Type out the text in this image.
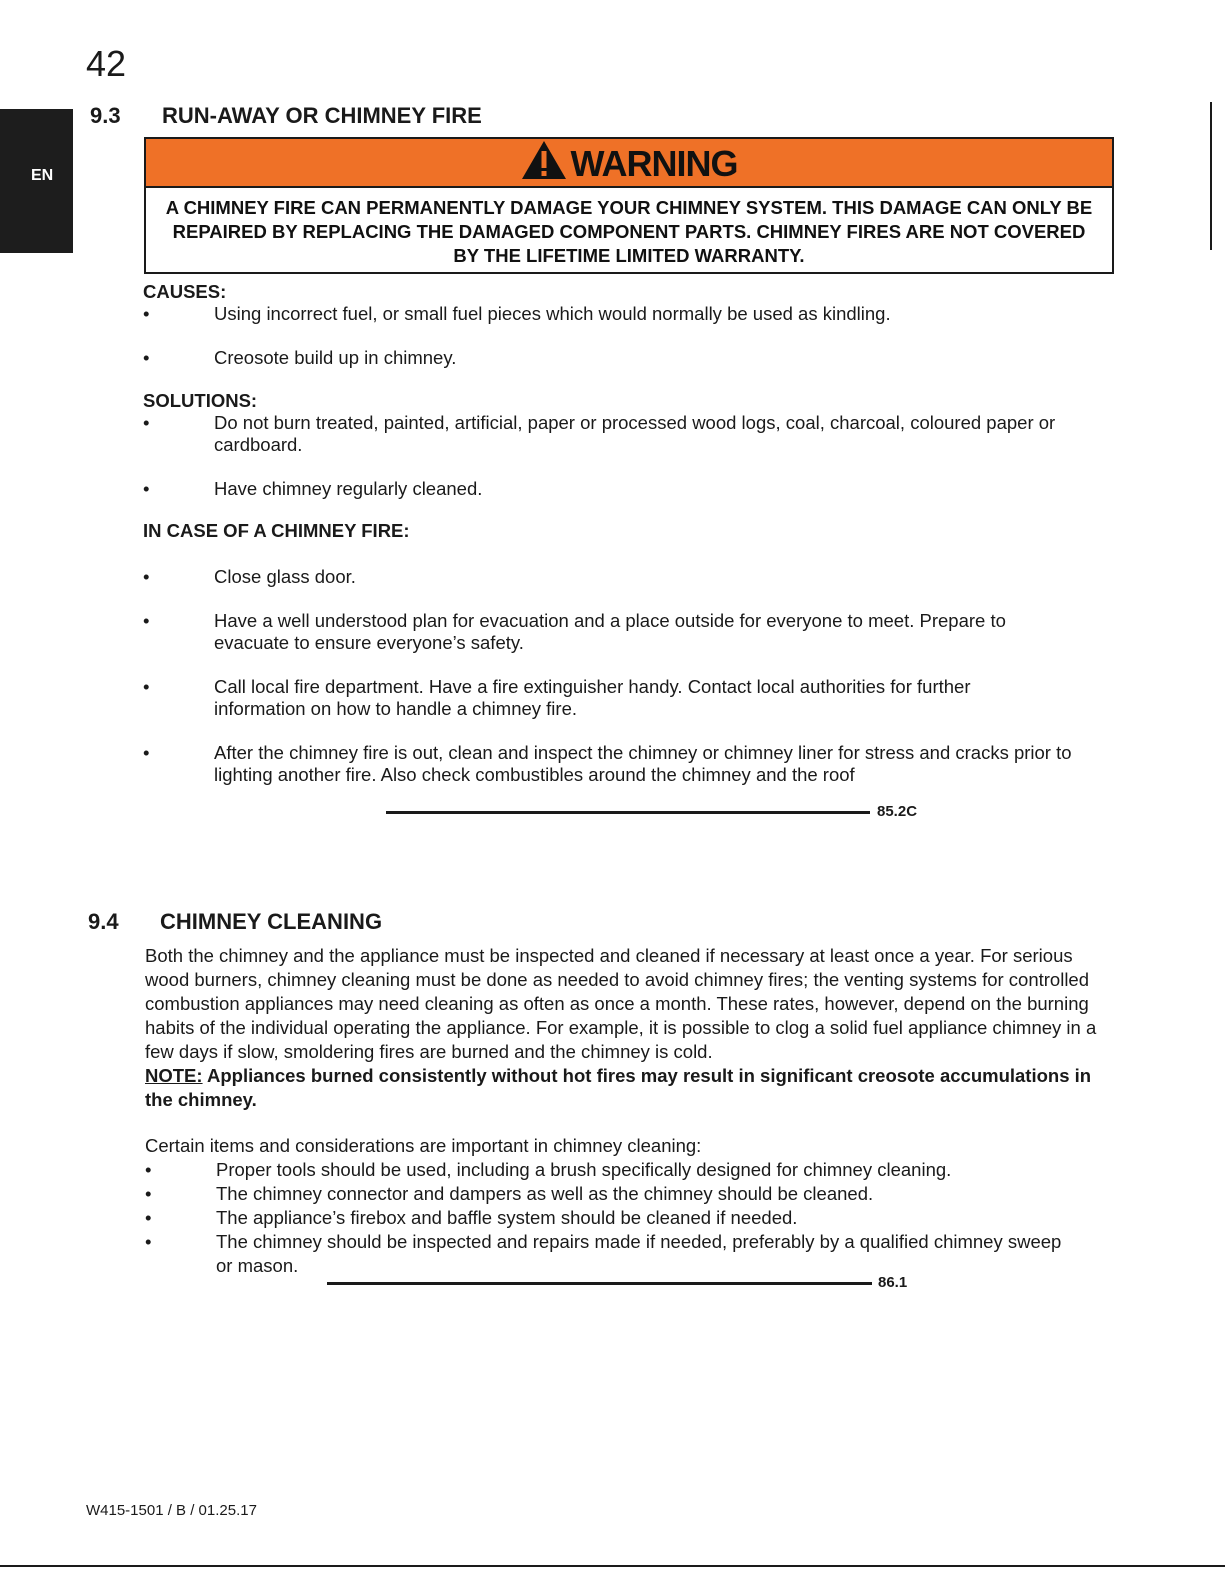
42
EN
9.3 RUN-AWAY OR CHIMNEY FIRE
WARNING
A CHIMNEY FIRE CAN PERMANENTLY DAMAGE YOUR CHIMNEY SYSTEM. THIS DAMAGE CAN ONLY BE REPAIRED BY REPLACING THE DAMAGED COMPONENT PARTS. CHIMNEY FIRES ARE NOT COVERED BY THE LIFETIME LIMITED WARRANTY.
CAUSES:
•	Using incorrect fuel, or small fuel pieces which would normally be used as kindling.
•	Creosote build up in chimney.
SOLUTIONS:
•	Do not burn treated, painted, artificial, paper or processed wood logs, coal, charcoal, coloured paper or cardboard.
•	Have chimney regularly cleaned.
IN CASE OF A CHIMNEY FIRE:
•	Close glass door.
•	Have a well understood plan for evacuation and a place outside for everyone to meet. Prepare to evacuate to ensure everyone’s safety.
•	Call local fire department. Have a fire extinguisher handy. Contact local authorities for further information on how to handle a chimney fire.
•	After the chimney fire is out, clean and inspect the chimney or chimney liner for stress and cracks prior to lighting another fire. Also check combustibles around the chimney and the roof
85.2C
9.4 CHIMNEY CLEANING
Both the chimney and the appliance must be inspected and cleaned if necessary at least once a year. For serious wood burners, chimney cleaning must be done as needed to avoid chimney fires; the venting systems for controlled combustion appliances may need cleaning as often as once a month. These rates, however, depend on the burning habits of the individual operating the appliance. For example, it is possible to clog a solid fuel appliance chimney in a few days if slow, smoldering fires are burned and the chimney is cold.
NOTE: Appliances burned consistently without hot fires may result in significant creosote accumulations in the chimney.
Certain items and considerations are important in chimney cleaning:
•	Proper tools should be used, including a brush specifically designed for chimney cleaning.
•	The chimney connector and dampers as well as the chimney should be cleaned.
•	The appliance’s firebox and baffle system should be cleaned if needed.
•	The chimney should be inspected and repairs made if needed, preferably by a qualified chimney sweep or mason.
86.1
W415-1501 / B / 01.25.17
